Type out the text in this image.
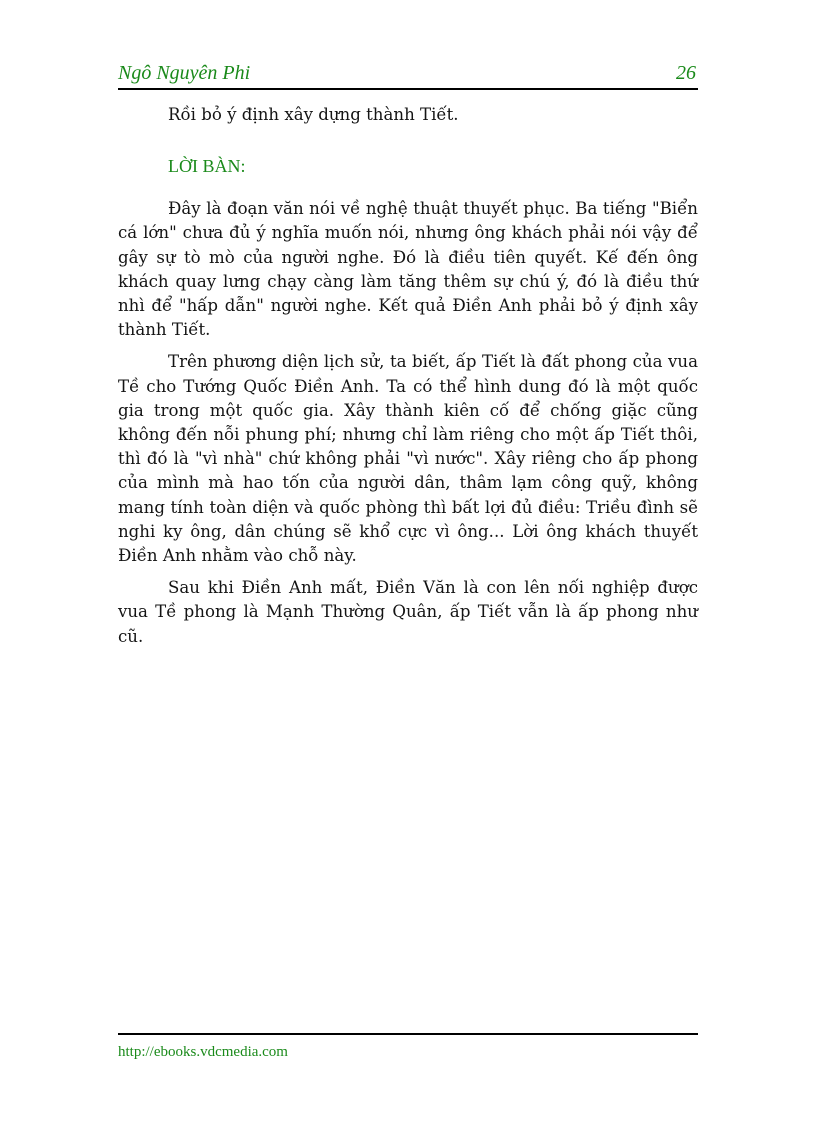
Ngô Nguyên Phi	26

Rồi bỏ ý định xây dựng thành Tiết.

LỜI BÀN:

Đây là đoạn văn nói về nghệ thuật thuyết phục. Ba tiếng "Biển cá lớn" chưa đủ ý nghĩa muốn nói, nhưng ông khách phải nói vậy để gây sự tò mò của người nghe. Đó là điều tiên quyết. Kế đến ông khách quay lưng chạy càng làm tăng thêm sự chú ý, đó là điều thứ nhì để "hấp dẫn" người nghe. Kết quả Điền Anh phải bỏ ý định xây thành Tiết.

Trên phương diện lịch sử, ta biết, ấp Tiết là đất phong của vua Tề cho Tướng Quốc Điền Anh. Ta có thể hình dung đó là một quốc gia trong một quốc gia. Xây thành kiên cố để chống giặc cũng không đến nỗi phung phí; nhưng chỉ làm riêng cho một ấp Tiết thôi, thì đó là "vì nhà" chứ không phải "vì nước". Xây riêng cho ấp phong của mình mà hao tốn của người dân, thâm lạm công quỹ, không mang tính toàn diện và quốc phòng thì bất lợi đủ điều: Triều đình sẽ nghi ky ông, dân chúng sẽ khổ cực vì ông... Lời ông khách thuyết Điền Anh nhằm vào chỗ này.

Sau khi Điền Anh mất, Điền Văn là con lên nối nghiệp được vua Tề phong là Mạnh Thường Quân, ấp Tiết vẫn là ấp phong như cũ.

http://ebooks.vdcmedia.com
